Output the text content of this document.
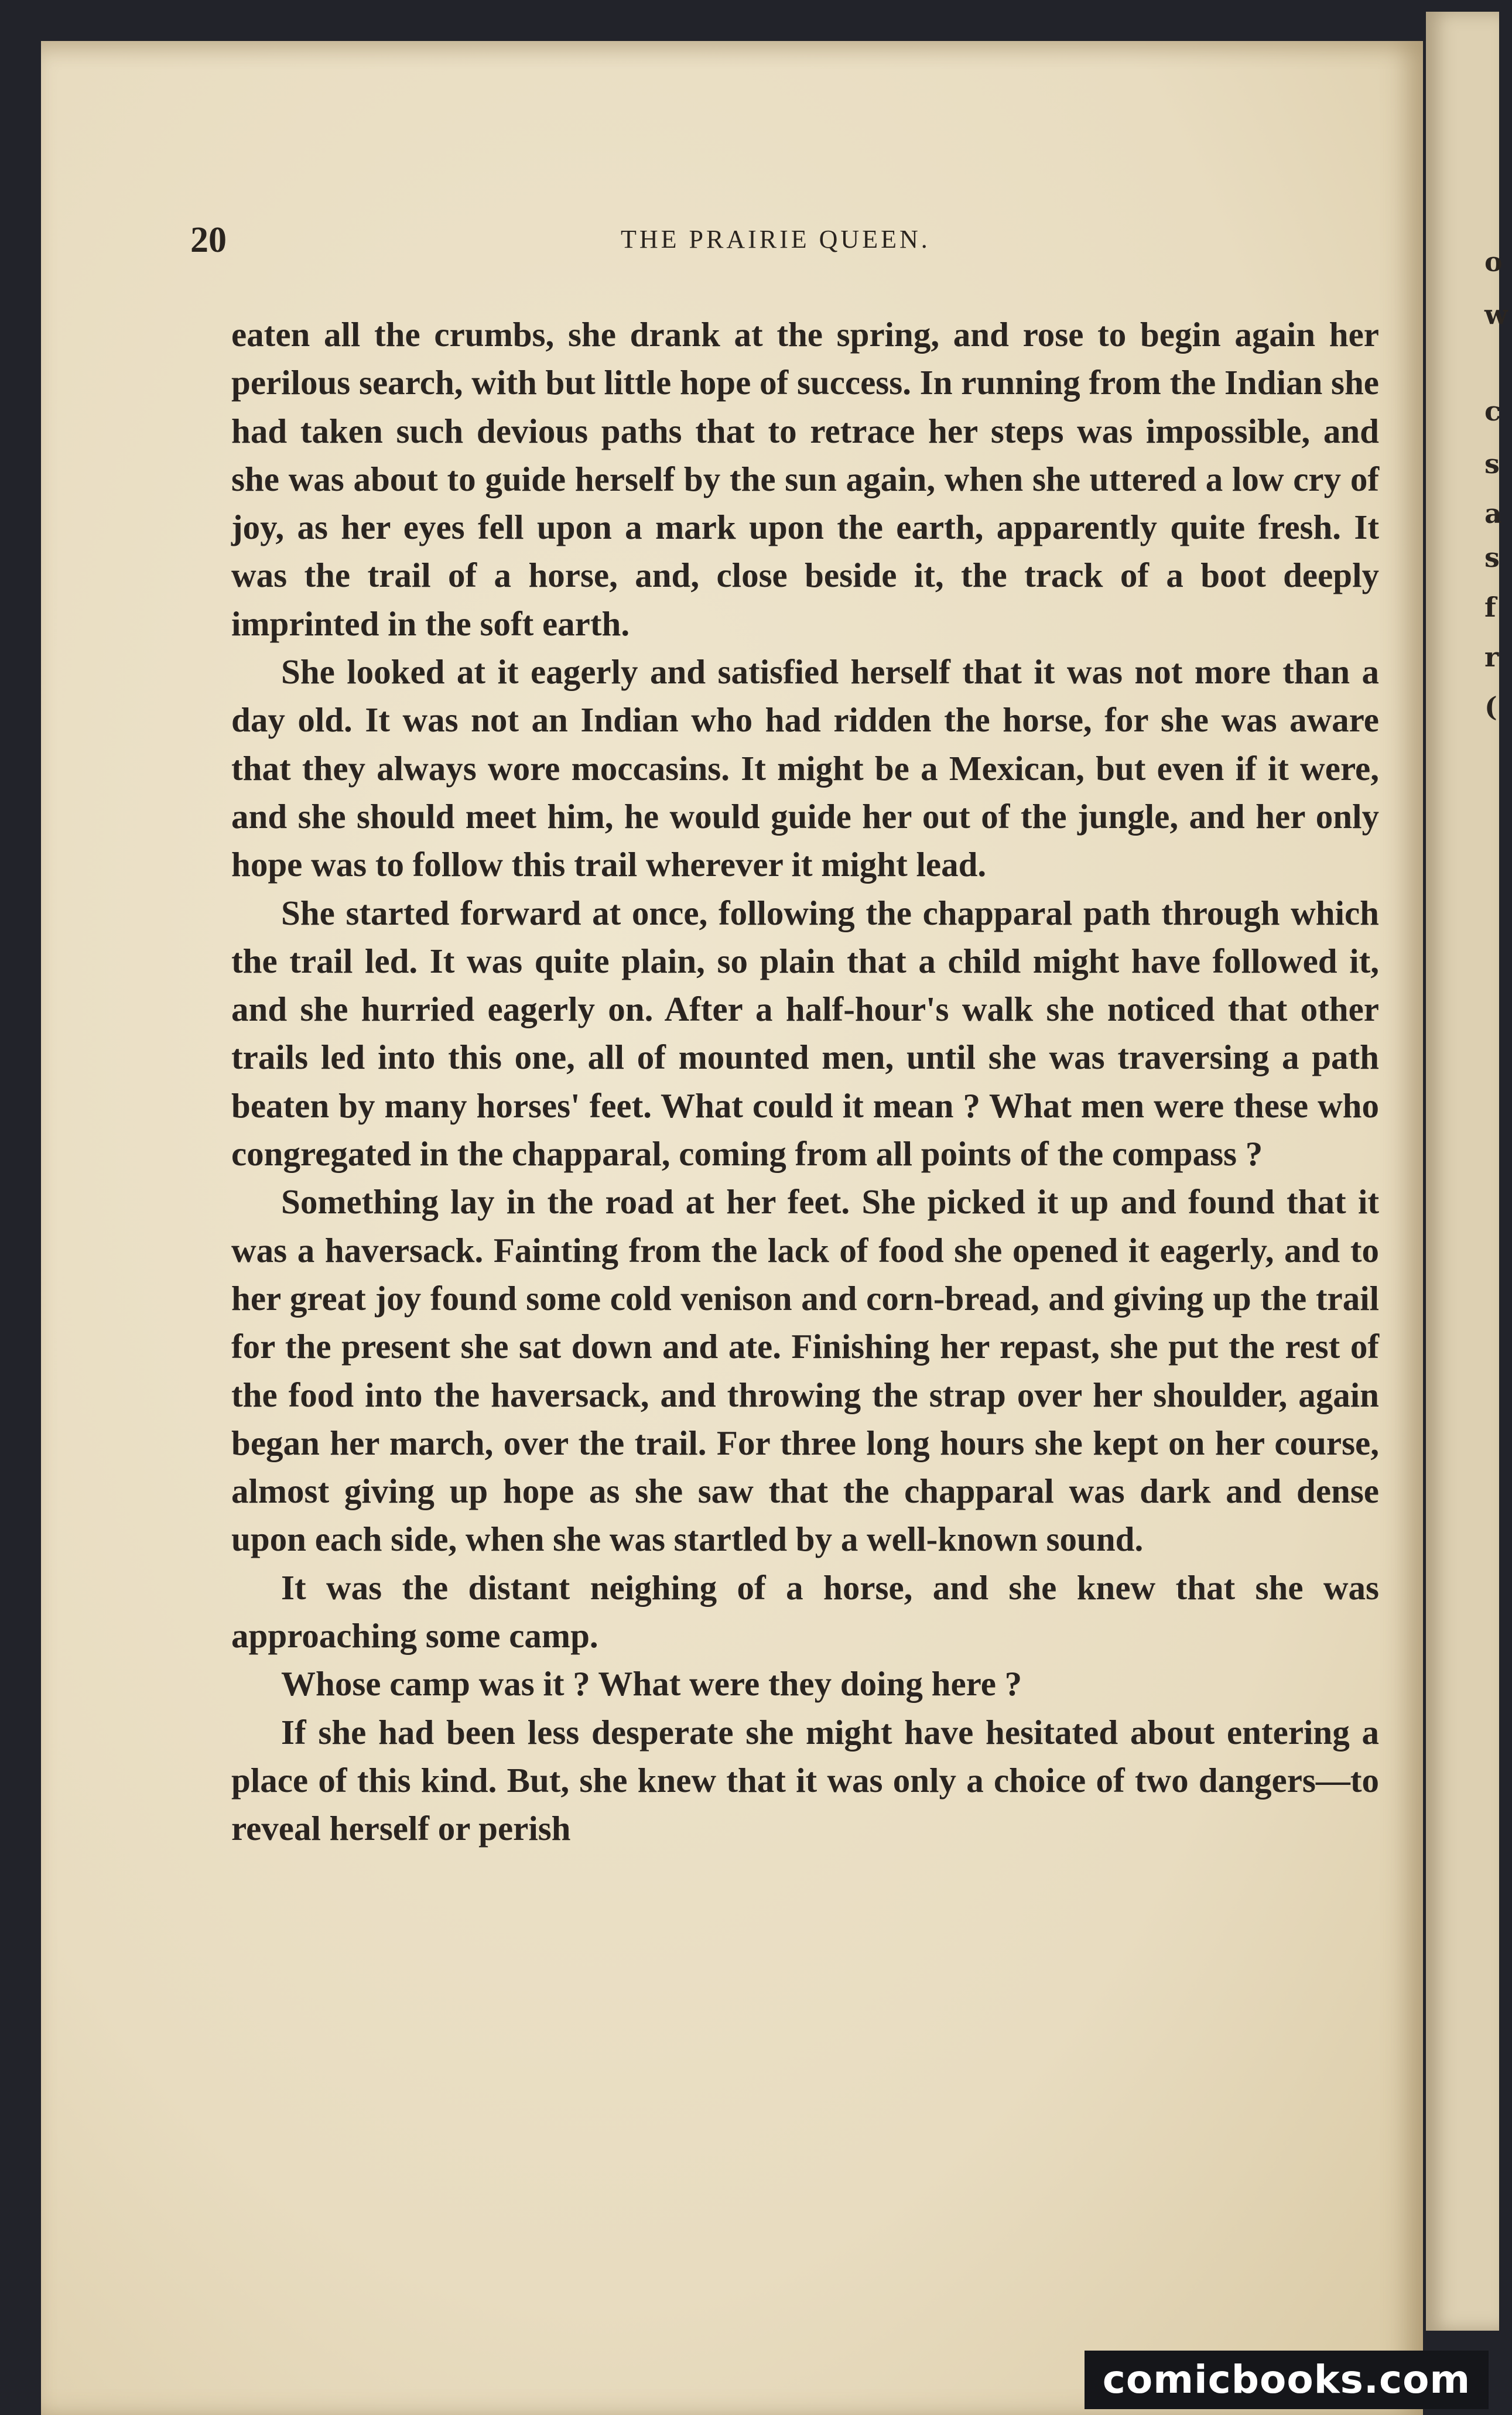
20	THE PRAIRIE QUEEN.

eaten all the crumbs, she drank at the spring, and rose to begin again her perilous search, with but little hope of success. In running from the Indian she had taken such devious paths that to retrace her steps was impossible, and she was about to guide herself by the sun again, when she uttered a low cry of joy, as her eyes fell upon a mark upon the earth, apparently quite fresh. It was the trail of a horse, and, close beside it, the track of a boot deeply imprinted in the soft earth.

She looked at it eagerly and satisfied herself that it was not more than a day old. It was not an Indian who had ridden the horse, for she was aware that they always wore moccasins. It might be a Mexican, but even if it were, and she should meet him, he would guide her out of the jungle, and her only hope was to follow this trail wherever it might lead.

She started forward at once, following the chapparal path through which the trail led. It was quite plain, so plain that a child might have followed it, and she hurried eagerly on. After a half-hour's walk she noticed that other trails led into this one, all of mounted men, until she was traversing a path beaten by many horses' feet. What could it mean ? What men were these who congregated in the chapparal, coming from all points of the compass ?

Something lay in the road at her feet. She picked it up and found that it was a haversack. Fainting from the lack of food she opened it eagerly, and to her great joy found some cold venison and corn-bread, and giving up the trail for the present she sat down and ate. Finishing her repast, she put the rest of the food into the haversack, and throwing the strap over her shoulder, again began her march, over the trail. For three long hours she kept on her course, almost giving up hope as she saw that the chapparal was dark and dense upon each side, when she was startled by a well-known sound.

It was the distant neighing of a horse, and she knew that she was approaching some camp.

Whose camp was it ? What were they doing here ?

If she had been less desperate she might have hesitated about entering a place of this kind. But, she knew that it was only a choice of two dangers—to reveal herself or perish

o
w
c
s
a
s
f
r
(
comicbooks.com
